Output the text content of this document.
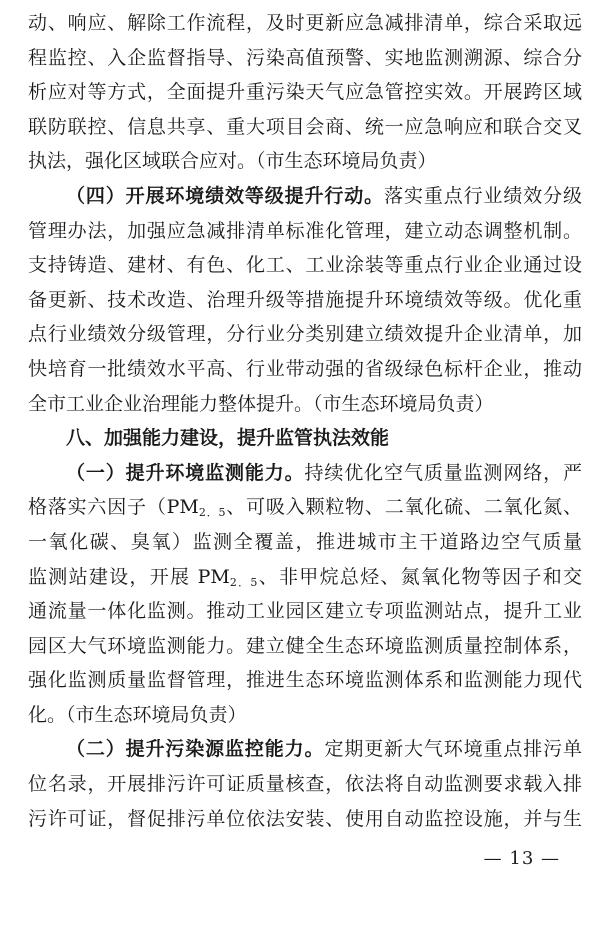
动、响应、解除工作流程，及时更新应急减排清单，综合采取远
程监控、入企监督指导、污染高值预警、实地监测溯源、综合分
析应对等方式，全面提升重污染天气应急管控实效。开展跨区域
联防联控、信息共享、重大项目会商、统一应急响应和联合交叉
执法，强化区域联合应对。（市生态环境局负责）
（四）开展环境绩效等级提升行动。落实重点行业绩效分级
管理办法，加强应急减排清单标准化管理，建立动态调整机制。
支持铸造、建材、有色、化工、工业涂装等重点行业企业通过设
备更新、技术改造、治理升级等措施提升环境绩效等级。优化重
点行业绩效分级管理，分行业分类别建立绩效提升企业清单，加
快培育一批绩效水平高、行业带动强的省级绿色标杆企业，推动
全市工业企业治理能力整体提升。（市生态环境局负责）
八、加强能力建设，提升监管执法效能
（一）提升环境监测能力。持续优化空气质量监测网络，严
格落实六因子（$PM_{2.5}$、可吸入颗粒物、二氧化硫、二氧化氮、
一氧化碳、臭氧）监测全覆盖，推进城市主干道路边空气质量
监测站建设，开展 $PM_{2.5}$、非甲烷总烃、氮氧化物等因子和交
通流量一体化监测。推动工业园区建立专项监测站点，提升工业
园区大气环境监测能力。建立健全生态环境监测质量控制体系，
强化监测质量监督管理，推进生态环境监测体系和监测能力现代
化。（市生态环境局负责）
（二）提升污染源监控能力。定期更新大气环境重点排污单
位名录，开展排污许可证质量核查，依法将自动监测要求载入排
污许可证，督促排污单位依法安装、使用自动监控设施，并与生
— 13 —
